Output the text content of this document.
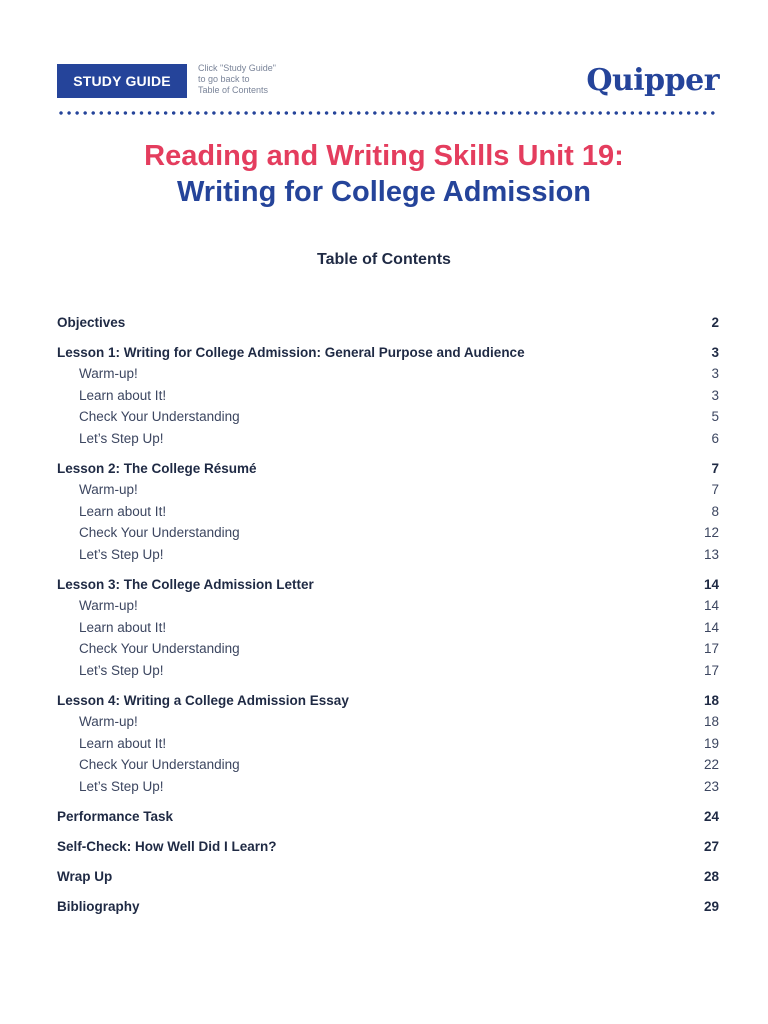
STUDY GUIDE
Click "Study Guide"
to go back to
Table of Contents	Quipper
Reading and Writing Skills Unit 19:
Writing for College Admission
Table of Contents
Objectives	2
Lesson 1: Writing for College Admission: General Purpose and Audience	3
Warm-up!	3
Learn about It!	3
Check Your Understanding	5
Let’s Step Up!	6
Lesson 2: The College Résumé	7
Warm-up!	7
Learn about It!	8
Check Your Understanding	12
Let’s Step Up!	13
Lesson 3: The College Admission Letter	14
Warm-up!	14
Learn about It!	14
Check Your Understanding	17
Let’s Step Up!	17
Lesson 4: Writing a College Admission Essay	18
Warm-up!	18
Learn about It!	19
Check Your Understanding	22
Let’s Step Up!	23
Performance Task	24
Self-Check: How Well Did I Learn?	27
Wrap Up	28
Bibliography	29
